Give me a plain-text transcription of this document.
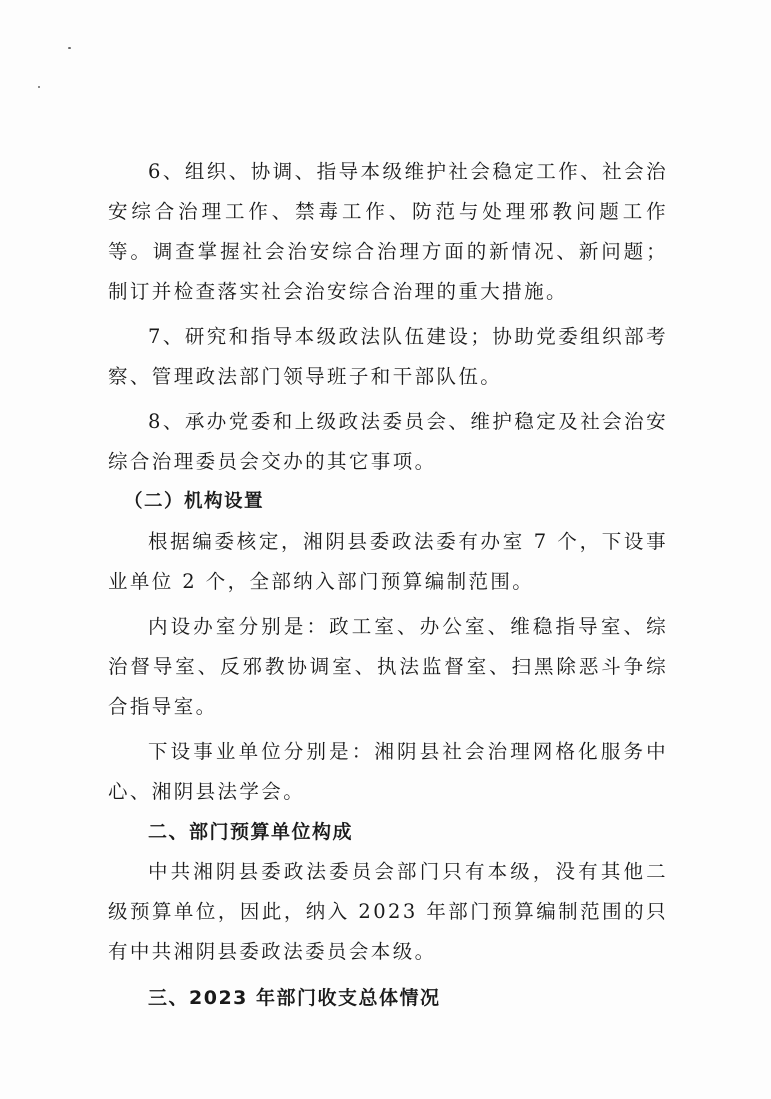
6、组织、协调、指导本级维护社会稳定工作、社会治安综合治理工作、禁毒工作、防范与处理邪教问题工作等。调查掌握社会治安综合治理方面的新情况、新问题；制订并检查落实社会治安综合治理的重大措施。

7、研究和指导本级政法队伍建设；协助党委组织部考察、管理政法部门领导班子和干部队伍。

8、承办党委和上级政法委员会、维护稳定及社会治安综合治理委员会交办的其它事项。

（二）机构设置

根据编委核定，湘阴县委政法委有办室 7 个，下设事业单位 2 个，全部纳入部门预算编制范围。

内设办室分别是：政工室、办公室、维稳指导室、综治督导室、反邪教协调室、执法监督室、扫黑除恶斗争综合指导室。

下设事业单位分别是：湘阴县社会治理网格化服务中心、湘阴县法学会。

二、部门预算单位构成

中共湘阴县委政法委员会部门只有本级，没有其他二级预算单位，因此，纳入 2023 年部门预算编制范围的只有中共湘阴县委政法委员会本级。

三、2023 年部门收支总体情况
